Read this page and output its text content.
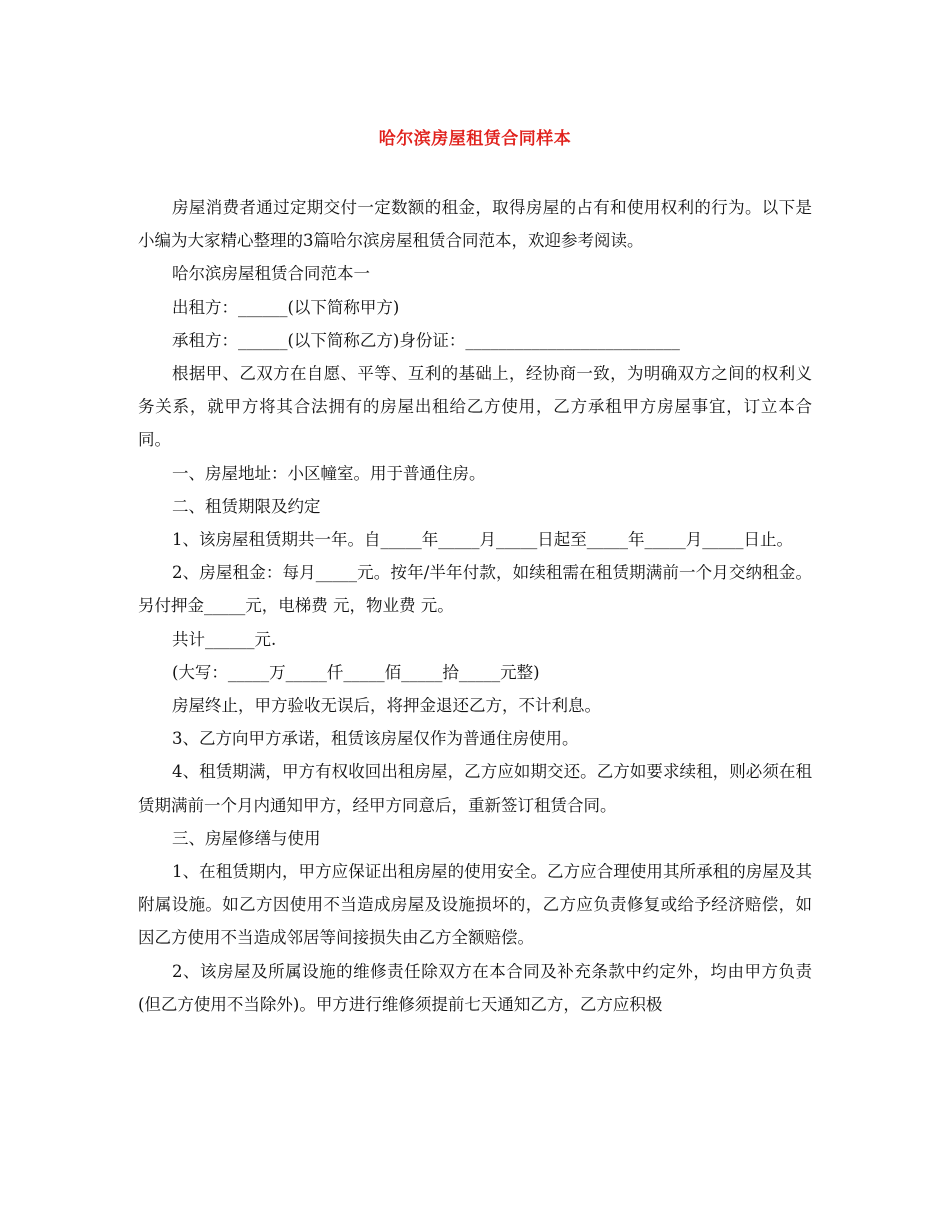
哈尔滨房屋租赁合同样本

房屋消费者通过定期交付一定数额的租金，取得房屋的占有和使用权利的行为。以下是小编为大家精心整理的3篇哈尔滨房屋租赁合同范本，欢迎参考阅读。

哈尔滨房屋租赁合同范本一

出租方：______(以下简称甲方)

承租方：______(以下简称乙方)身份证：__________________________

根据甲、乙双方在自愿、平等、互利的基础上，经协商一致，为明确双方之间的权利义务关系，就甲方将其合法拥有的房屋出租给乙方使用，乙方承租甲方房屋事宜，订立本合同。

一、房屋地址：小区幢室。用于普通住房。

二、租赁期限及约定

1、该房屋租赁期共一年。自_____年_____月_____日起至_____年_____月_____日止。

2、房屋租金：每月_____元。按年/半年付款，如续租需在租赁期满前一个月交纳租金。另付押金_____元，电梯费 元，物业费 元。

共计______元.

(大写：_____万_____仟_____佰_____拾_____元整)

房屋终止，甲方验收无误后，将押金退还乙方，不计利息。

3、乙方向甲方承诺，租赁该房屋仅作为普通住房使用。

4、租赁期满，甲方有权收回出租房屋，乙方应如期交还。乙方如要求续租，则必须在租赁期满前一个月内通知甲方，经甲方同意后，重新签订租赁合同。

三、房屋修缮与使用

1、在租赁期内，甲方应保证出租房屋的使用安全。乙方应合理使用其所承租的房屋及其附属设施。如乙方因使用不当造成房屋及设施损坏的，乙方应负责修复或给予经济赔偿，如因乙方使用不当造成邻居等间接损失由乙方全额赔偿。

2、该房屋及所属设施的维修责任除双方在本合同及补充条款中约定外，均由甲方负责(但乙方使用不当除外)。甲方进行维修须提前七天通知乙方，乙方应积极
